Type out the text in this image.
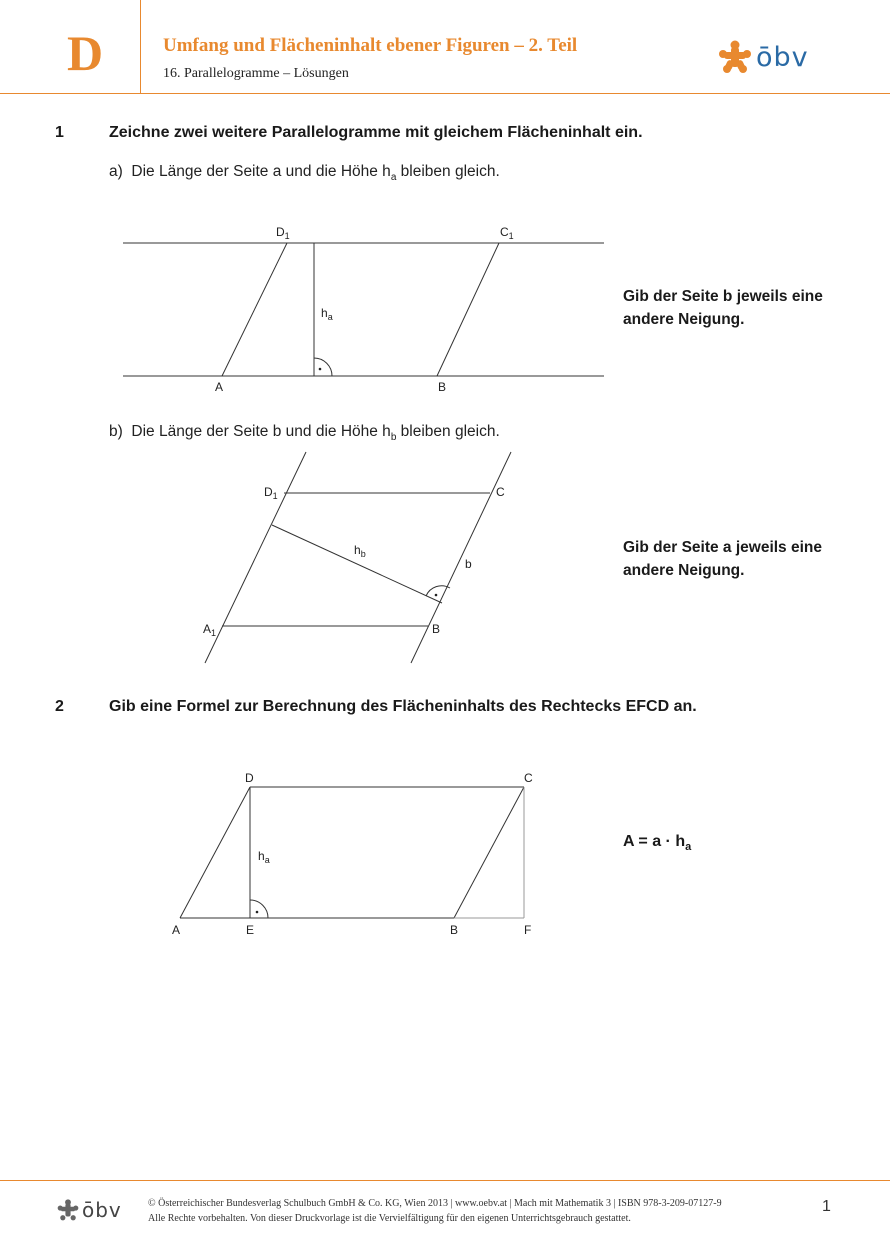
D	Umfang und Flächeninhalt ebener Figuren – 2. Teil
16. Parallelogramme – Lösungen
ōbv
1	Zeichne zwei weitere Parallelogramme mit gleichem Flächeninhalt ein.
a) Die Länge der Seite a und die Höhe $h_a$ bleiben gleich.
$D_1$	$C_1$
A	B
$h_a$
$D_1$	C
$A_1$	B
b
$h_b$
D	C
A	E	B	F
$h_a$
Gib der Seite b jeweils eine
andere Neigung.
b) Die Länge der Seite b und die Höhe $h_b$ bleiben gleich.
Gib der Seite a jeweils eine
andere Neigung.
2	Gib eine Formel zur Berechnung des Flächeninhalts des Rechtecks EFCD an.
$A = a \cdot h_a$
ōbv	© Österreichischer Bundesverlag Schulbuch GmbH & Co. KG, Wien 2013 | www.oebv.at | Mach mit Mathematik 3 | ISBN 978-3-209-07127-9
Alle Rechte vorbehalten. Von dieser Druckvorlage ist die Vervielfältigung für den eigenen Unterrichtsgebrauch gestattet.
1
